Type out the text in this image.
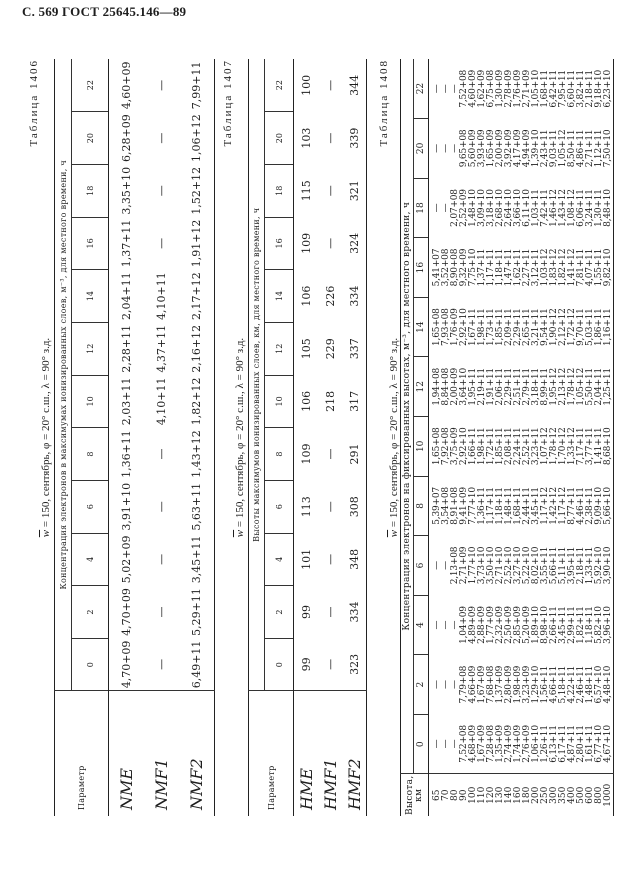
С. 569 ГОСТ 25645.146—89
Таблица 1406
$\overline{w} = 150$, сентябрь, φ = 20° с.ш., λ = 90° з.д.
Параметр	Концентрация электронов в максимумах ионизированных слоев, м⁻³, для местного времени, ч											
	0	2	4	6	8	10	12	14	16	18	20	22
NME	4,70+09	4,70+09	5,02+09	3,91+10	1,36+11	2,03+11	2,28+11	2,04+11	1,37+11	3,35+10	6,28+09	4,60+09
NMF1	—	—	—	—	—	4,10+11	4,37+11	4,10+11	—	—	—	—
NMF2	6,49+11	5,29+11	3,45+11	5,63+11	1,43+12	1,82+12	2,16+12	2,17+12	1,91+12	1,52+12	1,06+12	7,99+11 Таблица 1407
$\overline{w} = 150$, сентябрь, φ = 20° с.ш., λ = 90° з.д.
Параметр	Высоты максимумов ионизированных слоев, км, для местного времени, ч											
	0	2	4	6	8	10	12	14	16	18	20	22
HME	99	99	101	113	109	106	105	106	109	115	103	100
HMF1	—	—	—	—	—	218	229	226	—	—	—	—
HMF2	323	334	348	308	291	317	337	334	324	321	339	344 Таблица 1408
$\overline{w} = 150$, сентябрь, φ = 20° с.ш., λ = 90° з.д.
Высота, км	Концентрация электронов на фиксированных высотах, м⁻³, для местного времени, ч											
	0	2	4	6	8	10	12	14	16	18	20	22
65	—	—	—	—	5,39+07	1,65+08	1,94+08	1,65+08	5,41+07	—	—	—
70	—	—	—	—	3,54+08	7,92+08	8,84+08	7,93+08	3,52+08	—	—	—
80	—	—	—	2,13+08	8,91+08	3,75+09	2,00+09	1,76+09	8,90+08	2,07+08	—	—
90	7,52+08	7,79+08	1,04+09	2,71+09	9,41+09	2,92+10	3,64+10	2,92+10	9,32+09	2,52+09	9,65+08	7,52+08
100	4,68+09	4,66+09	4,89+09	1,77+10	7,77+10	1,66+11	1,95+11	1,67+11	7,75+10	1,48+10	5,60+09	4,60+09
110	1,67+09	1,67+09	2,88+09	3,73+10	1,36+11	1,98+11	2,19+11	1,98+11	1,37+11	3,09+10	3,93+09	1,62+09
120	7,28+08	7,68+08	1,77+09	3,50+10	1,17+11	1,72+11	1,91+11	1,73+11	1,17+11	3,18+10	1,65+09	6,75+08
130	1,35+09	1,37+09	2,32+09	2,71+10	1,18+11	1,85+11	2,06+11	1,85+11	1,18+11	2,68+10	2,00+09	1,30+09
140	2,74+09	2,80+09	2,50+09	2,52+10	1,48+11	2,08+11	2,29+11	2,09+11	1,47+11	2,64+10	3,92+09	2,78+09
160	1,74+09	1,98+09	2,85+09	3,27+10	1,68+11	2,24+11	2,51+11	2,29+11	1,62+11	3,66+10	4,17+09	1,76+09
180	2,76+09	3,23+09	5,20+09	5,22+10	2,44+11	2,52+11	2,79+11	2,65+11	2,27+11	6,11+10	4,94+09	2,71+09
200	1,06+10	1,29+10	1,89+10	8,02+10	3,45+11	3,23+11	3,18+11	3,21+11	3,12+11	1,03+11	1,39+10	1,05+10
250	1,26+11	1,56+11	8,98+10	3,55+11	1,17+12	1,07+12	8,99+11	9,54+11	1,03+12	7,42+11	2,43+11	1,68+11
300	6,13+11	4,66+11	2,66+11	5,66+11	1,42+12	1,78+12	1,95+12	1,90+12	1,83+12	1,46+12	9,03+11	6,42+11
350	6,17+11	5,18+11	3,45+11	5,11+11	1,17+12	1,70+12	2,13+12	2,12+12	1,82+12	1,43+12	1,05+12	7,95+11
400	4,87+11	4,22+11	2,99+11	3,95+11	8,77+11	1,33+12	1,78+12	1,72+12	1,41+12	1,08+12	8,50+11	6,60+11
500	2,80+11	2,46+11	1,82+11	2,18+11	4,46+11	7,17+11	1,05+12	9,70+11	7,81+11	6,06+11	4,86+11	3,82+11
600	1,61+11	1,48+11	1,18+11	1,33+11	2,38+11	3,77+11	5,50+11	5,03+11	4,07+11	3,24+11	2,71+11	2,18+11
800	6,77+10	6,57+10	5,82+10	5,92+10	9,09+10	1,41+11	2,04+11	1,86+11	1,55+11	1,30+11	1,12+11	9,18+10
1000	4,67+10	4,48+10	3,96+10	3,90+10	5,66+10	8,68+10	1,25+11	1,16+11	9,82+10	8,48+10	7,50+10	6,23+10
